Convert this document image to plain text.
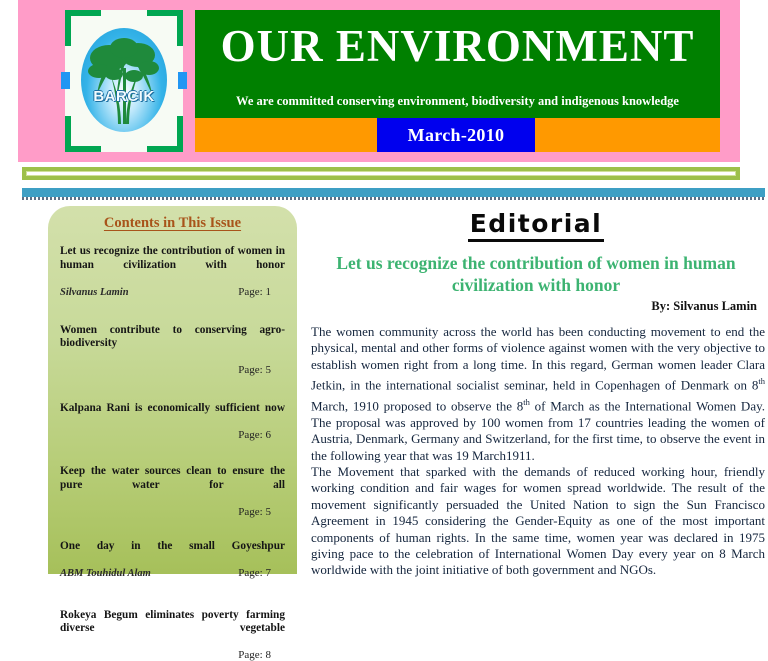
BARCIK
OUR ENVIRONMENT
We are committed conserving environment, biodiversity and indigenous knowledge
March-2010
Contents in This Issue
Let us recognize the contribution of women in human civilization with honor
Silvanus Lamin	Page: 1
Women contribute to conserving agro-biodiversity
Page: 5
Kalpana Rani is economically sufficient now
Page: 6
Keep the water sources clean to ensure the pure water for all
Page: 5
One day in the small Goyeshpur
ABM Touhidul Alam	Page: 7
Rokeya Begum eliminates poverty farming diverse vegetable
Page: 8
Editorial
Let us recognize the contribution of women in human civilization with honor
By: Silvanus Lamin

The women community across the world has been conducting movement to end the physical, mental and other forms of violence against women with the very objective to establish women right from a long time. In this regard, German women leader Clara Jetkin, in the international socialist seminar, held in Copenhagen of Denmark on 8th March, 1910 proposed to observe the 8th of March as the International Women Day. The proposal was approved by 100 women from 17 countries leading the women of Austria, Denmark, Germany and Switzerland, for the first time, to observe the event in the following year that was 19 March1911.

The Movement that sparked with the demands of reduced working hour, friendly working condition and fair wages for women spread worldwide. The result of the movement significantly persuaded the United Nation to sign the Sun Francisco Agreement in 1945 considering the Gender-Equity as one of the most important components of human rights. In the same time, women year was declared in 1975 giving pace to the celebration of International Women Day every year on 8 March worldwide with the joint initiative of both government and NGOs.
